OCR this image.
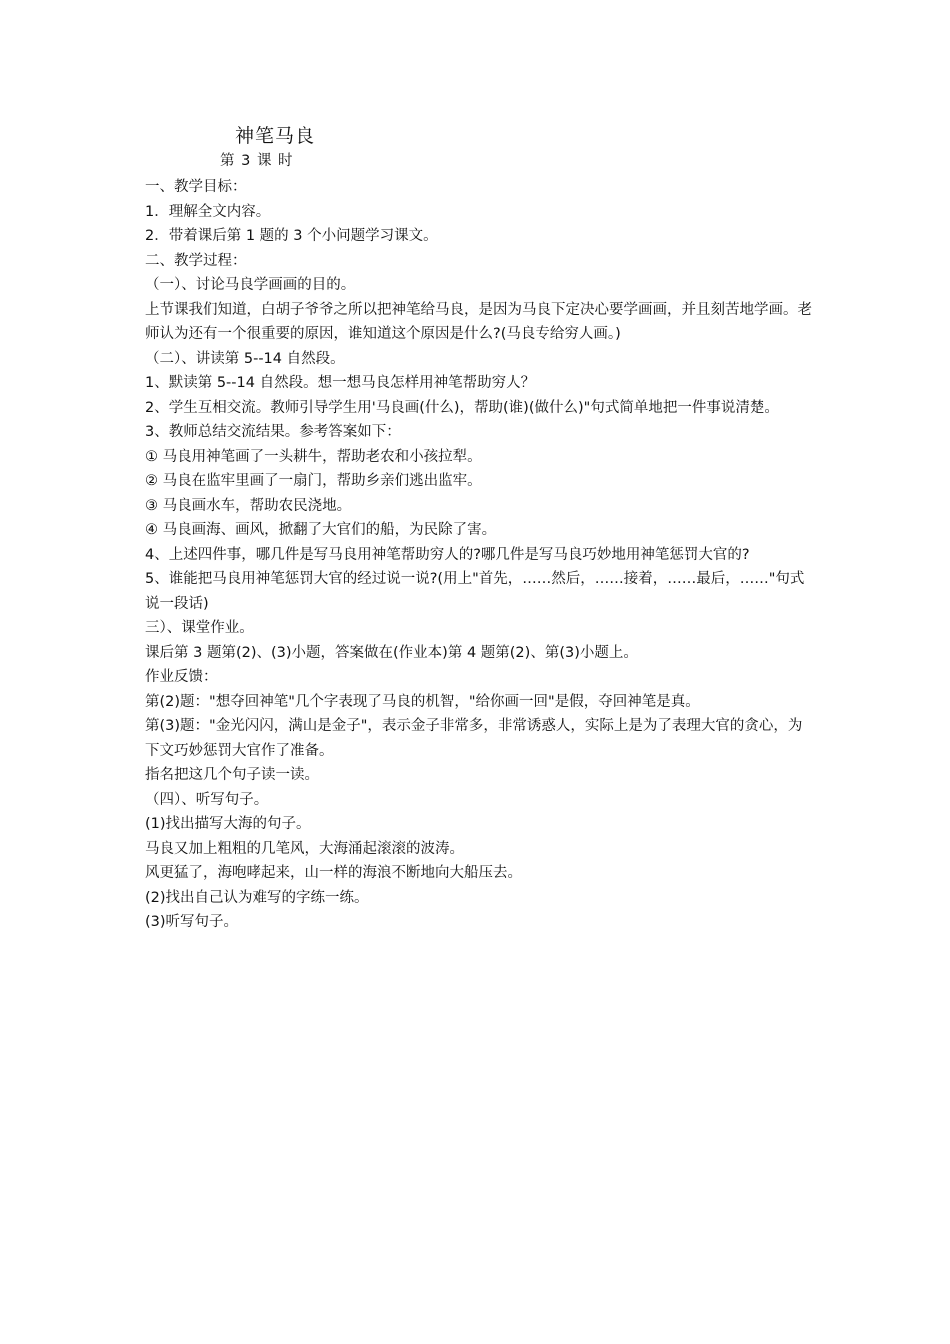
神笔马良
第 3 课 时

一、教学目标：

1．理解全文内容。

2．带着课后第 1 题的 3 个小问题学习课文。

二、教学过程：

（一）、讨论马良学画画的目的。

上节课我们知道，白胡子爷爷之所以把神笔给马良，是因为马良下定决心要学画画，并且刻苦地学画。老师认为还有一个很重要的原因，谁知道这个原因是什么?(马良专给穷人画。)

（二）、讲读第 5--14 自然段。

1、默读第 5--14 自然段。想一想马良怎样用神笔帮助穷人？

2、学生互相交流。教师引导学生用'马良画(什么)，帮助(谁)(做什么)"句式简单地把一件事说清楚。

3、教师总结交流结果。参考答案如下：

① 马良用神笔画了一头耕牛，帮助老农和小孩拉犁。

② 马良在监牢里画了一扇门，帮助乡亲们逃出监牢。

③ 马良画水车，帮助农民浇地。

④ 马良画海、画风，掀翻了大官们的船，为民除了害。

4、上述四件事，哪几件是写马良用神笔帮助穷人的?哪几件是写马良巧妙地用神笔惩罚大官的?

5、谁能把马良用神笔惩罚大官的经过说一说?(用上"首先，……然后，……接着，……最后，……"句式说一段话)

三）、课堂作业。

课后第 3 题第(2)、(3)小题，答案做在(作业本)第 4 题第(2)、第(3)小题上。

作业反馈：

第(2)题："想夺回神笔"几个字表现了马良的机智，"给你画一回"是假，夺回神笔是真。

第(3)题："金光闪闪，满山是金子"，表示金子非常多，非常诱惑人，实际上是为了表理大官的贪心，为下文巧妙惩罚大官作了准备。

指名把这几个句子读一读。

（四）、听写句子。

(1)找出描写大海的句子。

马良又加上粗粗的几笔风，大海涌起滚滚的波涛。

风更猛了，海咆哮起来，山一样的海浪不断地向大船压去。

(2)找出自己认为难写的字练一练。

(3)听写句子。
